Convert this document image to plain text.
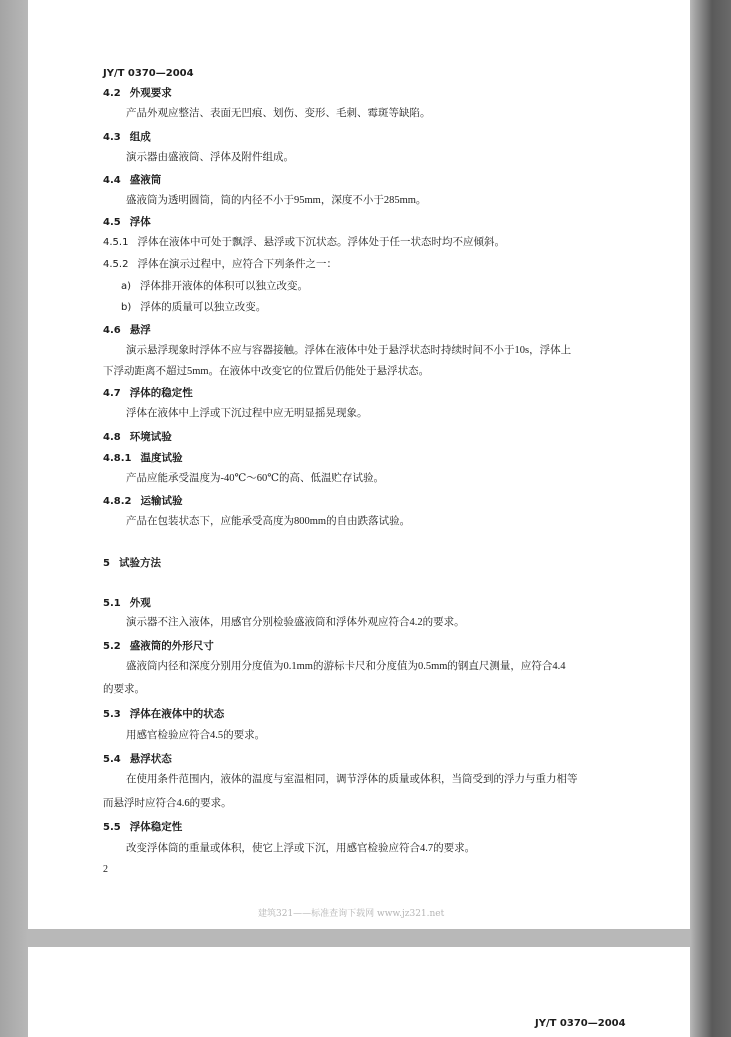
JY/T 0370—2004
4.2 外观要求
产品外观应整洁、表面无凹痕、划伤、变形、毛刺、霉斑等缺陷。
4.3 组成
演示器由盛液筒、浮体及附件组成。
4.4 盛液筒
盛液筒为透明圆筒，筒的内径不小于95mm，深度不小于285mm。
4.5 浮体
4.5.1 浮体在液体中可处于飘浮、悬浮或下沉状态。浮体处于任一状态时均不应倾斜。
4.5.2 浮体在演示过程中，应符合下列条件之一：
a) 浮体排开液体的体积可以独立改变。
b) 浮体的质量可以独立改变。
4.6 悬浮
演示悬浮现象时浮体不应与容器接触。浮体在液体中处于悬浮状态时持续时间不小于10s，浮体上
下浮动距离不超过5mm。在液体中改变它的位置后仍能处于悬浮状态。
4.7 浮体的稳定性
浮体在液体中上浮或下沉过程中应无明显摇晃现象。
4.8 环境试验
4.8.1 温度试验
产品应能承受温度为-40℃～60℃的高、低温贮存试验。
4.8.2 运输试验
产品在包装状态下，应能承受高度为800mm的自由跌落试验。
5 试验方法
5.1 外观
演示器不注入液体，用感官分别检验盛液筒和浮体外观应符合4.2的要求。
5.2 盛液筒的外形尺寸
盛液筒内径和深度分别用分度值为0.1mm的游标卡尺和分度值为0.5mm的钢直尺测量，应符合4.4
的要求。
5.3 浮体在液体中的状态
用感官检验应符合4.5的要求。
5.4 悬浮状态
在使用条件范围内，液体的温度与室温相同，调节浮体的质量或体积，当筒受到的浮力与重力相等
而悬浮时应符合4.6的要求。
5.5 浮体稳定性
改变浮体筒的重量或体积，使它上浮或下沉，用感官检验应符合4.7的要求。
2
建筑321——标准查询下载网 www.jz321.net
JY/T 0370—2004
